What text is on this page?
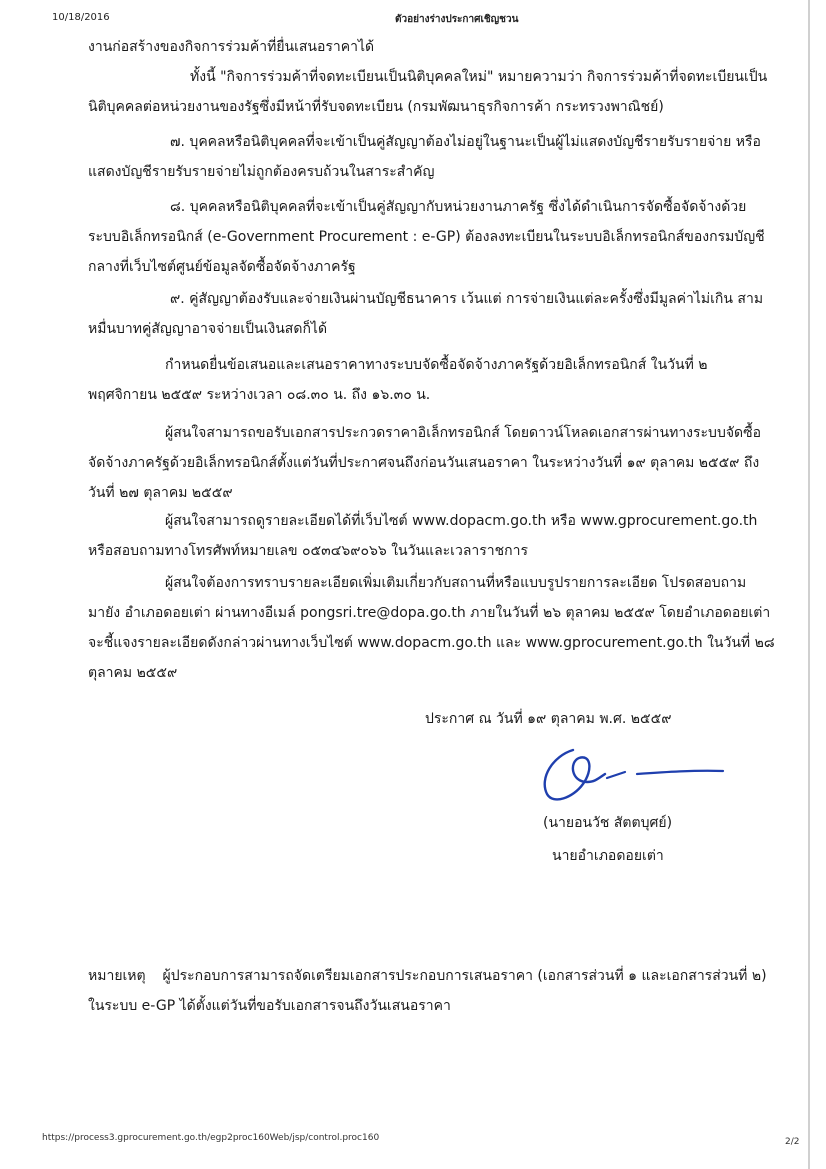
10/18/2016	ตัวอย่างร่างประกาศเชิญชวน
งานก่อสร้างของกิจการร่วมค้าที่ยื่นเสนอราคาได้
ทั้งนี้ "กิจการร่วมค้าที่จดทะเบียนเป็นนิติบุคคลใหม่" หมายความว่า กิจการร่วมค้าที่จดทะเบียนเป็น
นิติบุคคลต่อหน่วยงานของรัฐซึ่งมีหน้าที่รับจดทะเบียน (กรมพัฒนาธุรกิจการค้า กระทรวงพาณิชย์)
๗. บุคคลหรือนิติบุคคลที่จะเข้าเป็นคู่สัญญาต้องไม่อยู่ในฐานะเป็นผู้ไม่แสดงบัญชีรายรับรายจ่าย หรือ
แสดงบัญชีรายรับรายจ่ายไม่ถูกต้องครบถ้วนในสาระสำคัญ
๘. บุคคลหรือนิติบุคคลที่จะเข้าเป็นคู่สัญญากับหน่วยงานภาครัฐ ซึ่งได้ดำเนินการจัดซื้อจัดจ้างด้วย
ระบบอิเล็กทรอนิกส์ (e-Government Procurement : e-GP) ต้องลงทะเบียนในระบบอิเล็กทรอนิกส์ของกรมบัญชี
กลางที่เว็บไซต์ศูนย์ข้อมูลจัดซื้อจัดจ้างภาครัฐ
๙. คู่สัญญาต้องรับและจ่ายเงินผ่านบัญชีธนาคาร เว้นแต่ การจ่ายเงินแต่ละครั้งซึ่งมีมูลค่าไม่เกิน สาม
หมื่นบาทคู่สัญญาอาจจ่ายเป็นเงินสดก็ได้
กำหนดยื่นข้อเสนอและเสนอราคาทางระบบจัดซื้อจัดจ้างภาครัฐด้วยอิเล็กทรอนิกส์ ในวันที่ ๒
พฤศจิกายน ๒๕๕๙ ระหว่างเวลา ๐๘.๓๐ น. ถึง ๑๖.๓๐ น.
ผู้สนใจสามารถขอรับเอกสารประกวดราคาอิเล็กทรอนิกส์ โดยดาวน์โหลดเอกสารผ่านทางระบบจัดซื้อ
จัดจ้างภาครัฐด้วยอิเล็กทรอนิกส์ตั้งแต่วันที่ประกาศจนถึงก่อนวันเสนอราคา ในระหว่างวันที่ ๑๙ ตุลาคม ๒๕๕๙ ถึง
วันที่ ๒๗ ตุลาคม ๒๕๕๙
ผู้สนใจสามารถดูรายละเอียดได้ที่เว็บไซต์ www.dopacm.go.th หรือ www.gprocurement.go.th
หรือสอบถามทางโทรศัพท์หมายเลข ๐๕๓๔๖๙๐๖๖ ในวันและเวลาราชการ
ผู้สนใจต้องการทราบรายละเอียดเพิ่มเติมเกี่ยวกับสถานที่หรือแบบรูปรายการละเอียด โปรดสอบถาม
มายัง อำเภอดอยเต่า ผ่านทางอีเมล์ pongsri.tre@dopa.go.th ภายในวันที่ ๒๖ ตุลาคม ๒๕๕๙ โดยอำเภอดอยเต่า
จะชี้แจงรายละเอียดดังกล่าวผ่านทางเว็บไซต์ www.dopacm.go.th และ www.gprocurement.go.th ในวันที่ ๒๘
ตุลาคม ๒๕๕๙
ประกาศ ณ วันที่ ๑๙ ตุลาคม พ.ศ. ๒๕๕๙
(นายอนวัช สัตตบุศย์)
นายอำเภอดอยเต่า
หมายเหตุ ผู้ประกอบการสามารถจัดเตรียมเอกสารประกอบการเสนอราคา (เอกสารส่วนที่ ๑ และเอกสารส่วนที่ ๒)
ในระบบ e-GP ได้ตั้งแต่วันที่ขอรับเอกสารจนถึงวันเสนอราคา
https://process3.gprocurement.go.th/egp2proc160Web/jsp/control.proc160	2/2
